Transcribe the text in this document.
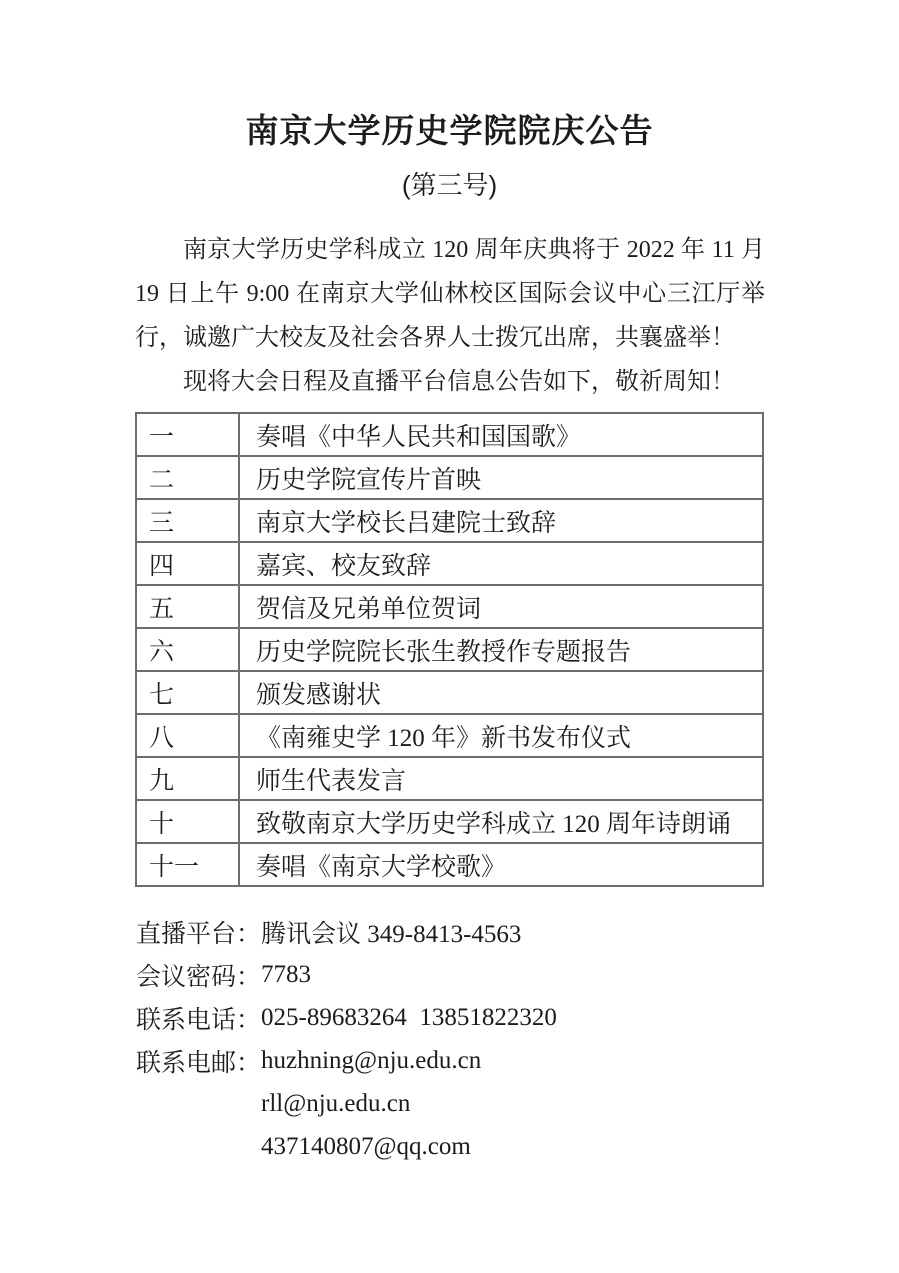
南京大学历史学院院庆公告
(第三号)

南京大学历史学科成立 120 周年庆典将于 2022 年 11 月 19 日上午 9:00 在南京大学仙林校区国际会议中心三江厅举行，诚邀广大校友及社会各界人士拨冗出席，共襄盛举！

现将大会日程及直播平台信息公告如下，敬祈周知！

一	奏唱《中华人民共和国国歌》
二	历史学院宣传片首映
三	南京大学校长吕建院士致辞
四	嘉宾、校友致辞
五	贺信及兄弟单位贺词
六	历史学院院长张生教授作专题报告
七	颁发感谢状
八	《南雍史学 120 年》新书发布仪式
九	师生代表发言
十	致敬南京大学历史学科成立 120 周年诗朗诵
十一	奏唱《南京大学校歌》
直播平台： 腾讯会议 349-8413-4563
会议密码： 7783
联系电话： 025-89683264  13851822320
联系电邮： huzhning@nju.edu.cn
rll@nju.edu.cn
437140807@qq.com
